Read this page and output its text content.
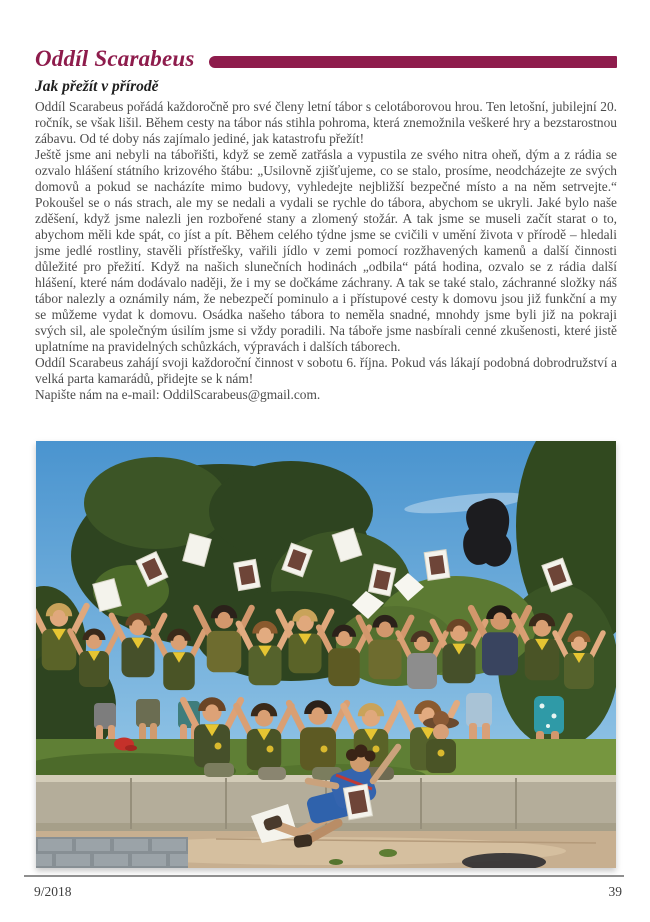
Oddíl Scarabeus
Jak přežít v přírodě

Oddíl Scarabeus pořádá každoročně pro své členy letní tábor s celotáborovou hrou. Ten letošní, jubilejní 20. ročník, se však lišil. Během cesty na tábor nás stihla pohroma, která znemožnila veškeré hry a bezstarostnou zábavu. Od té doby nás zajímalo jediné, jak katastrofu přežít!

Ještě jsme ani nebyli na tábořišti, když se země zatřásla a vypustila ze svého nitra oheň, dým a z rádia se ozvalo hlášení státního krizového štábu: „Usilovně zjišťujeme, co se stalo, prosíme, neodcházejte ze svých domovů a pokud se nacházíte mimo budovy, vyhledejte nejbližší bezpečné místo a na něm setrvejte.“ Pokoušel se o nás strach, ale my se nedali a vydali se rychle do tábora, abychom se ukryli. Jaké bylo naše zděšení, když jsme nalezli jen rozbořené stany a zlomený stožár. A tak jsme se museli začít starat o to, abychom měli kde spát, co jíst a pít. Během celého týdne jsme se cvičili v umění života v přírodě – hledali jsme jedlé rostliny, stavěli přístřešky, vařili jídlo v zemi pomocí rozžhavených kamenů a další činnosti důležité pro přežití. Když na našich slunečních hodinách „odbila“ pátá hodina, ozvalo se z rádia další hlášení, které nám dodávalo naději, že i my se dočkáme záchrany. A tak se také stalo, záchranné složky náš tábor nalezly a oznámily nám, že nebezpečí pominulo a i přístupové cesty k domovu jsou již funkční a my se můžeme vydat k domovu. Osádka našeho tábora to neměla snadné, mnohdy jsme byli již na pokraji svých sil, ale společným úsilím jsme si vždy poradili. Na táboře jsme nasbírali cenné zkušenosti, které jistě uplatníme na pravidelných schůzkách, výpravách i dalších táborech.

Oddíl Scarabeus zahájí svoji každoroční činnost v sobotu 6. října. Pokud vás lákají podobná dobrodružství a velká parta kamarádů, přidejte se k nám!

Napište nám na e-mail: OddilScarabeus@gmail.com.

9/2018	39
